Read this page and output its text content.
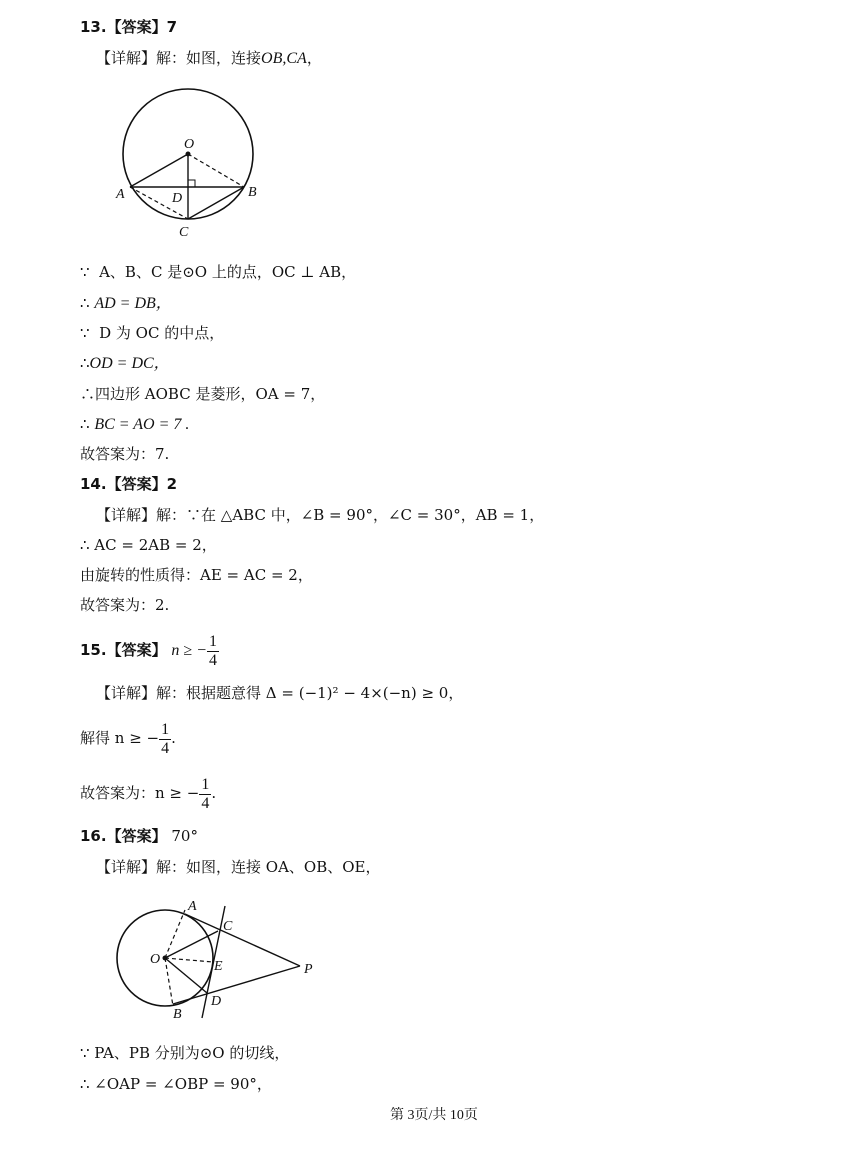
13.【答案】7
【详解】解：如图，连接OB,CA，
O
A	B
C
D
∵ A、B、C 是⊙O 上的点，OC ⊥ AB，
∴ AD = DB，
∵ D 为 OC 的中点，
∴OD = DC，
∴四边形 AOBC 是菱形，OA = 7，
∴ BC = AO = 7 .
故答案为：7.
14.【答案】2
【详解】解：∵在 △ABC 中，∠B = 90°，∠C = 30°，AB = 1，
∴ AC = 2AB = 2，
由旋转的性质得：AE = AC = 2，
故答案为：2.
15.【答案】 n ≥ − $\frac{1}{4}$
【详解】解：根据题意得 Δ = (−1)² − 4×(−n) ≥ 0，
解得 n ≥ − $\frac{1}{4}$ .
故答案为：n ≥ − $\frac{1}{4}$ .
16.【答案】 70°
【详解】解：如图，连接 OA、OB、OE，
O
A
B
C
D
E	P
∵ PA、PB 分别为⊙O 的切线，
∴ ∠OAP = ∠OBP = 90°，
第 3页/共 10页
